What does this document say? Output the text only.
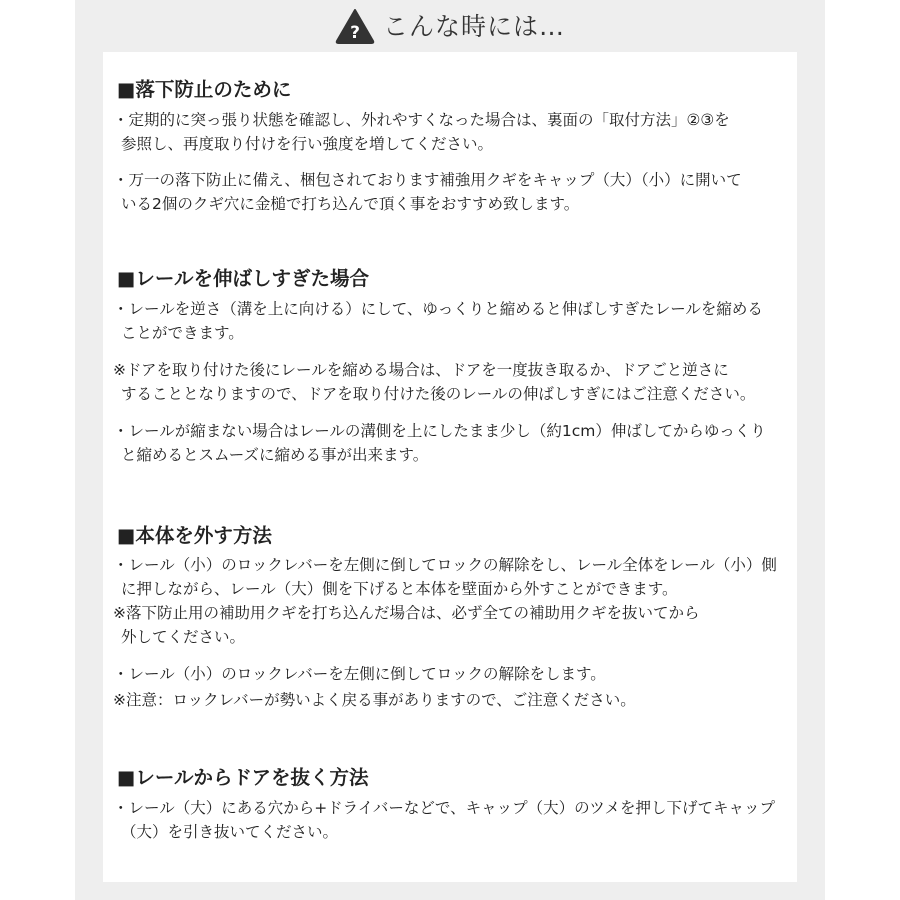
? こんな時には…
■落下防止のために
・定期的に突っ張り状態を確認し、外れやすくなった場合は、裏面の「取付方法」②③を
参照し、再度取り付けを行い強度を増してください。
・万一の落下防止に備え、梱包されております補強用クギをキャップ（大）（小）に開いて
いる2個のクギ穴に金槌で打ち込んで頂く事をおすすめ致します。
■レールを伸ばしすぎた場合
・レールを逆さ（溝を上に向ける）にして、ゆっくりと縮めると伸ばしすぎたレールを縮める
ことができます。
※ドアを取り付けた後にレールを縮める場合は、ドアを一度抜き取るか、ドアごと逆さに
することとなりますので、ドアを取り付けた後のレールの伸ばしすぎにはご注意ください。
・レールが縮まない場合はレールの溝側を上にしたまま少し（約1cm）伸ばしてからゆっくり
と縮めるとスムーズに縮める事が出来ます。
■本体を外す方法
・レール（小）のロックレバーを左側に倒してロックの解除をし、レール全体をレール（小）側
に押しながら、レール（大）側を下げると本体を壁面から外すことができます。
※落下防止用の補助用クギを打ち込んだ場合は、必ず全ての補助用クギを抜いてから
外してください。
・レール（小）のロックレバーを左側に倒してロックの解除をします。
※注意：ロックレバーが勢いよく戻る事がありますので、ご注意ください。
■レールからドアを抜く方法
・レール（大）にある穴から+ドライバーなどで、キャップ（大）のツメを押し下げてキャップ
（大）を引き抜いてください。
